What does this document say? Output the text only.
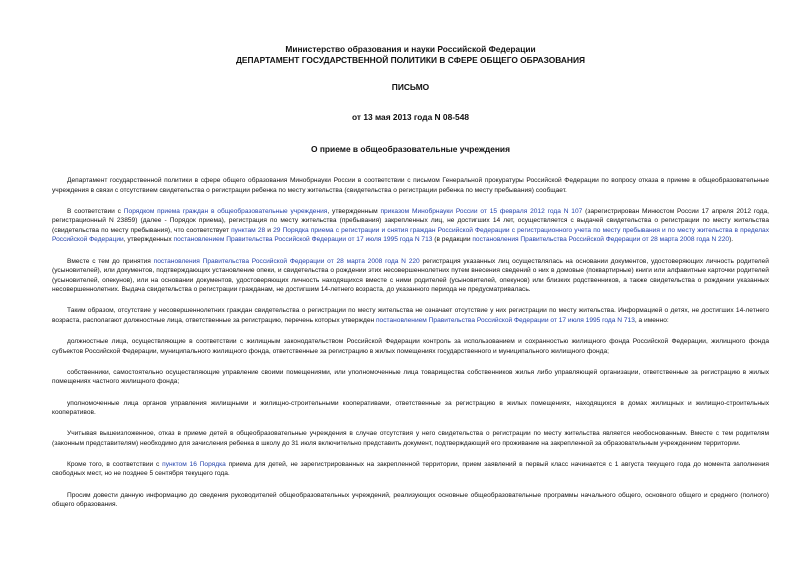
Министерство образования и науки Российской Федерации
ДЕПАРТАМЕНТ ГОСУДАРСТВЕННОЙ ПОЛИТИКИ В СФЕРЕ ОБЩЕГО ОБРАЗОВАНИЯ
ПИСЬМО
от 13 мая 2013 года N 08-548
О приеме в общеобразовательные учреждения

Департамент государственной политики в сфере общего образования Минобрнауки России в соответствии с письмом Генеральной прокуратуры Российской Федерации по вопросу отказа в приеме в общеобразовательные учреждения в связи с отсутствием свидетельства о регистрации ребенка по месту жительства (свидетельства о регистрации ребенка по месту пребывания) сообщает.

В соответствии с Порядком приема граждан в общеобразовательные учреждения, утвержденным приказом Минобрнауки России от 15 февраля 2012 года N 107 (зарегистрирован Минюстом России 17 апреля 2012 года, регистрационный N 23859) (далее - Порядок приема), регистрация по месту жительства (пребывания) закрепленных лиц, не достигших 14 лет, осуществляется с выдачей свидетельства о регистрации по месту жительства (свидетельства по месту пребывания), что соответствует пунктам 28 и 29 Порядка приема с регистрации и снятия граждан Российской Федерации с регистрационного учета по месту пребывания и по месту жительства в пределах Российской Федерации, утвержденных постановлением Правительства Российской Федерации от 17 июля 1995 года N 713 (в редакции постановления Правительства Российской Федерации от 28 марта 2008 года N 220).

Вместе с тем до принятия постановления Правительства Российской Федерации от 28 марта 2008 года N 220 регистрация указанных лиц осуществлялась на основании документов, удостоверяющих личность родителей (усыновителей), или документов, подтверждающих установление опеки, и свидетельства о рождении этих несовершеннолетних путем внесения сведений о них в домовые (поквартирные) книги или алфавитные карточки родителей (усыновителей, опекунов), или на основании документов, удостоверяющих личность находящихся вместе с ними родителей (усыновителей, опекунов) или близких родственников, а также свидетельства о рождении указанных несовершеннолетних. Выдача свидетельства о регистрации гражданам, не достигшим 14-летнего возраста, до указанного периода не предусматривалась.

Таким образом, отсутствие у несовершеннолетних граждан свидетельства о регистрации по месту жительства не означает отсутствие у них регистрации по месту жительства. Информацией о детях, не достигших 14-летнего возраста, располагают должностные лица, ответственные за регистрацию, перечень которых утвержден постановлением Правительства Российской Федерации от 17 июля 1995 года N 713, а именно:

должностные лица, осуществляющие в соответствии с жилищным законодательством Российской Федерации контроль за использованием и сохранностью жилищного фонда Российской Федерации, жилищного фонда субъектов Российской Федерации, муниципального жилищного фонда, ответственные за регистрацию в жилых помещениях государственного и муниципального жилищного фонда;

собственники, самостоятельно осуществляющие управление своими помещениями, или уполномоченные лица товарищества собственников жилья либо управляющей организации, ответственные за регистрацию в жилых помещениях частного жилищного фонда;

уполномоченные лица органов управления жилищными и жилищно-строительными кооперативами, ответственные за регистрацию в жилых помещениях, находящихся в домах жилищных и жилищно-строительных кооперативов.

Учитывая вышеизложенное, отказ в приеме детей в общеобразовательные учреждения в случае отсутствия у него свидетельства о регистрации по месту жительства является необоснованным. Вместе с тем родителям (законным представителям) необходимо для зачисления ребенка в школу до 31 июля включительно представить документ, подтверждающий его проживание на закрепленной за образовательным учреждением территории.

Кроме того, в соответствии с пунктом 16 Порядка приема для детей, не зарегистрированных на закрепленной территории, прием заявлений в первый класс начинается с 1 августа текущего года до момента заполнения свободных мест, но не позднее 5 сентября текущего года.

Просим довести данную информацию до сведения руководителей общеобразовательных учреждений, реализующих основные общеобразовательные программы начального общего, основного общего и среднего (полного) общего образования.
